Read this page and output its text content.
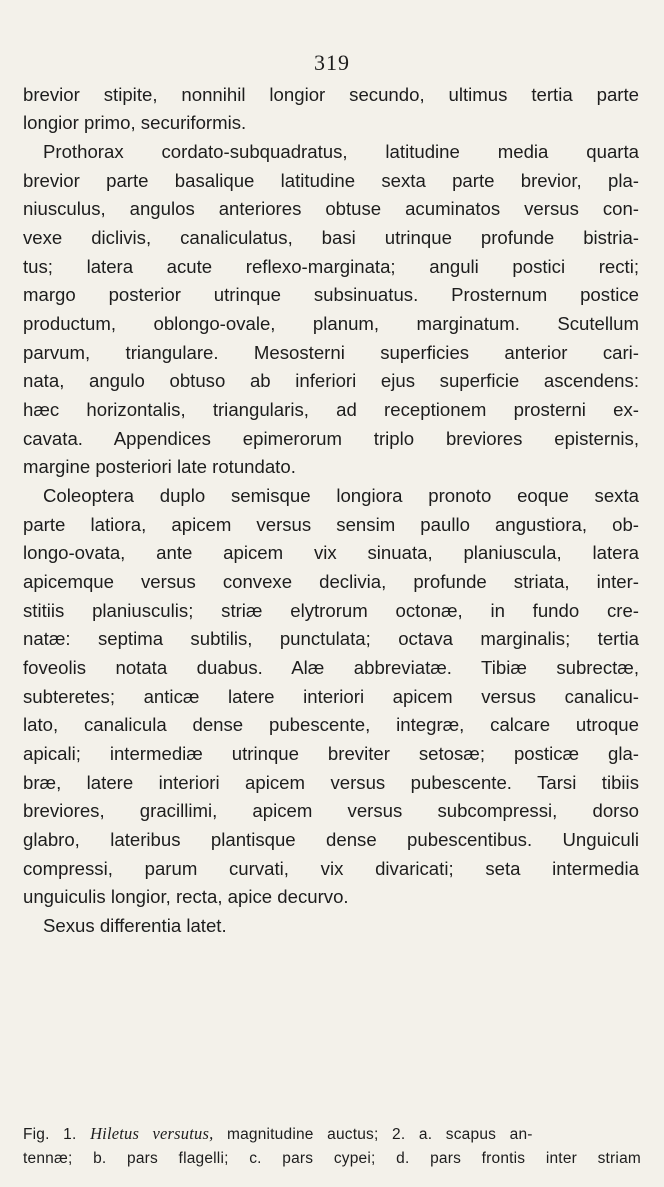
319
brevior stipite, nonnihil longior secundo, ultimus tertia parte
longior primo, securiformis.
Prothorax cordato-subquadratus, latitudine media quarta
brevior parte basalique latitudine sexta parte brevior, pla-
niusculus, angulos anteriores obtuse acuminatos versus con-
vexe diclivis, canaliculatus, basi utrinque profunde bistria-
tus; latera acute reflexo-marginata; anguli postici recti;
margo posterior utrinque subsinuatus. Prosternum postice
productum, oblongo-ovale, planum, marginatum. Scutellum
parvum, triangulare. Mesosterni superficies anterior cari-
nata, angulo obtuso ab inferiori ejus superficie ascendens:
hæc horizontalis, triangularis, ad receptionem prosterni ex-
cavata. Appendices epimerorum triplo breviores episternis,
margine posteriori late rotundato.
Coleoptera duplo semisque longiora pronoto eoque sexta
parte latiora, apicem versus sensim paullo angustiora, ob-
longo-ovata, ante apicem vix sinuata, planiuscula, latera
apicemque versus convexe declivia, profunde striata, inter-
stitiis planiusculis; striæ elytrorum octonæ, in fundo cre-
natæ: septima subtilis, punctulata; octava marginalis; tertia
foveolis notata duabus. Alæ abbreviatæ. Tibiæ subrectæ,
subteretes; anticæ latere interiori apicem versus canalicu-
lato, canalicula dense pubescente, integræ, calcare utroque
apicali; intermediæ utrinque breviter setosæ; posticæ gla-
bræ, latere interiori apicem versus pubescente. Tarsi tibiis
breviores, gracillimi, apicem versus subcompressi, dorso
glabro, lateribus plantisque dense pubescentibus. Unguiculi
compressi, parum curvati, vix divaricati; seta intermedia
unguiculis longior, recta, apice decurvo.
Sexus differentia latet.
Fig. 1. Hiletus versutus, magnitudine auctus; 2. a. scapus an-
tennæ; b. pars flagelli; c. pars cypei; d. pars frontis inter striam
